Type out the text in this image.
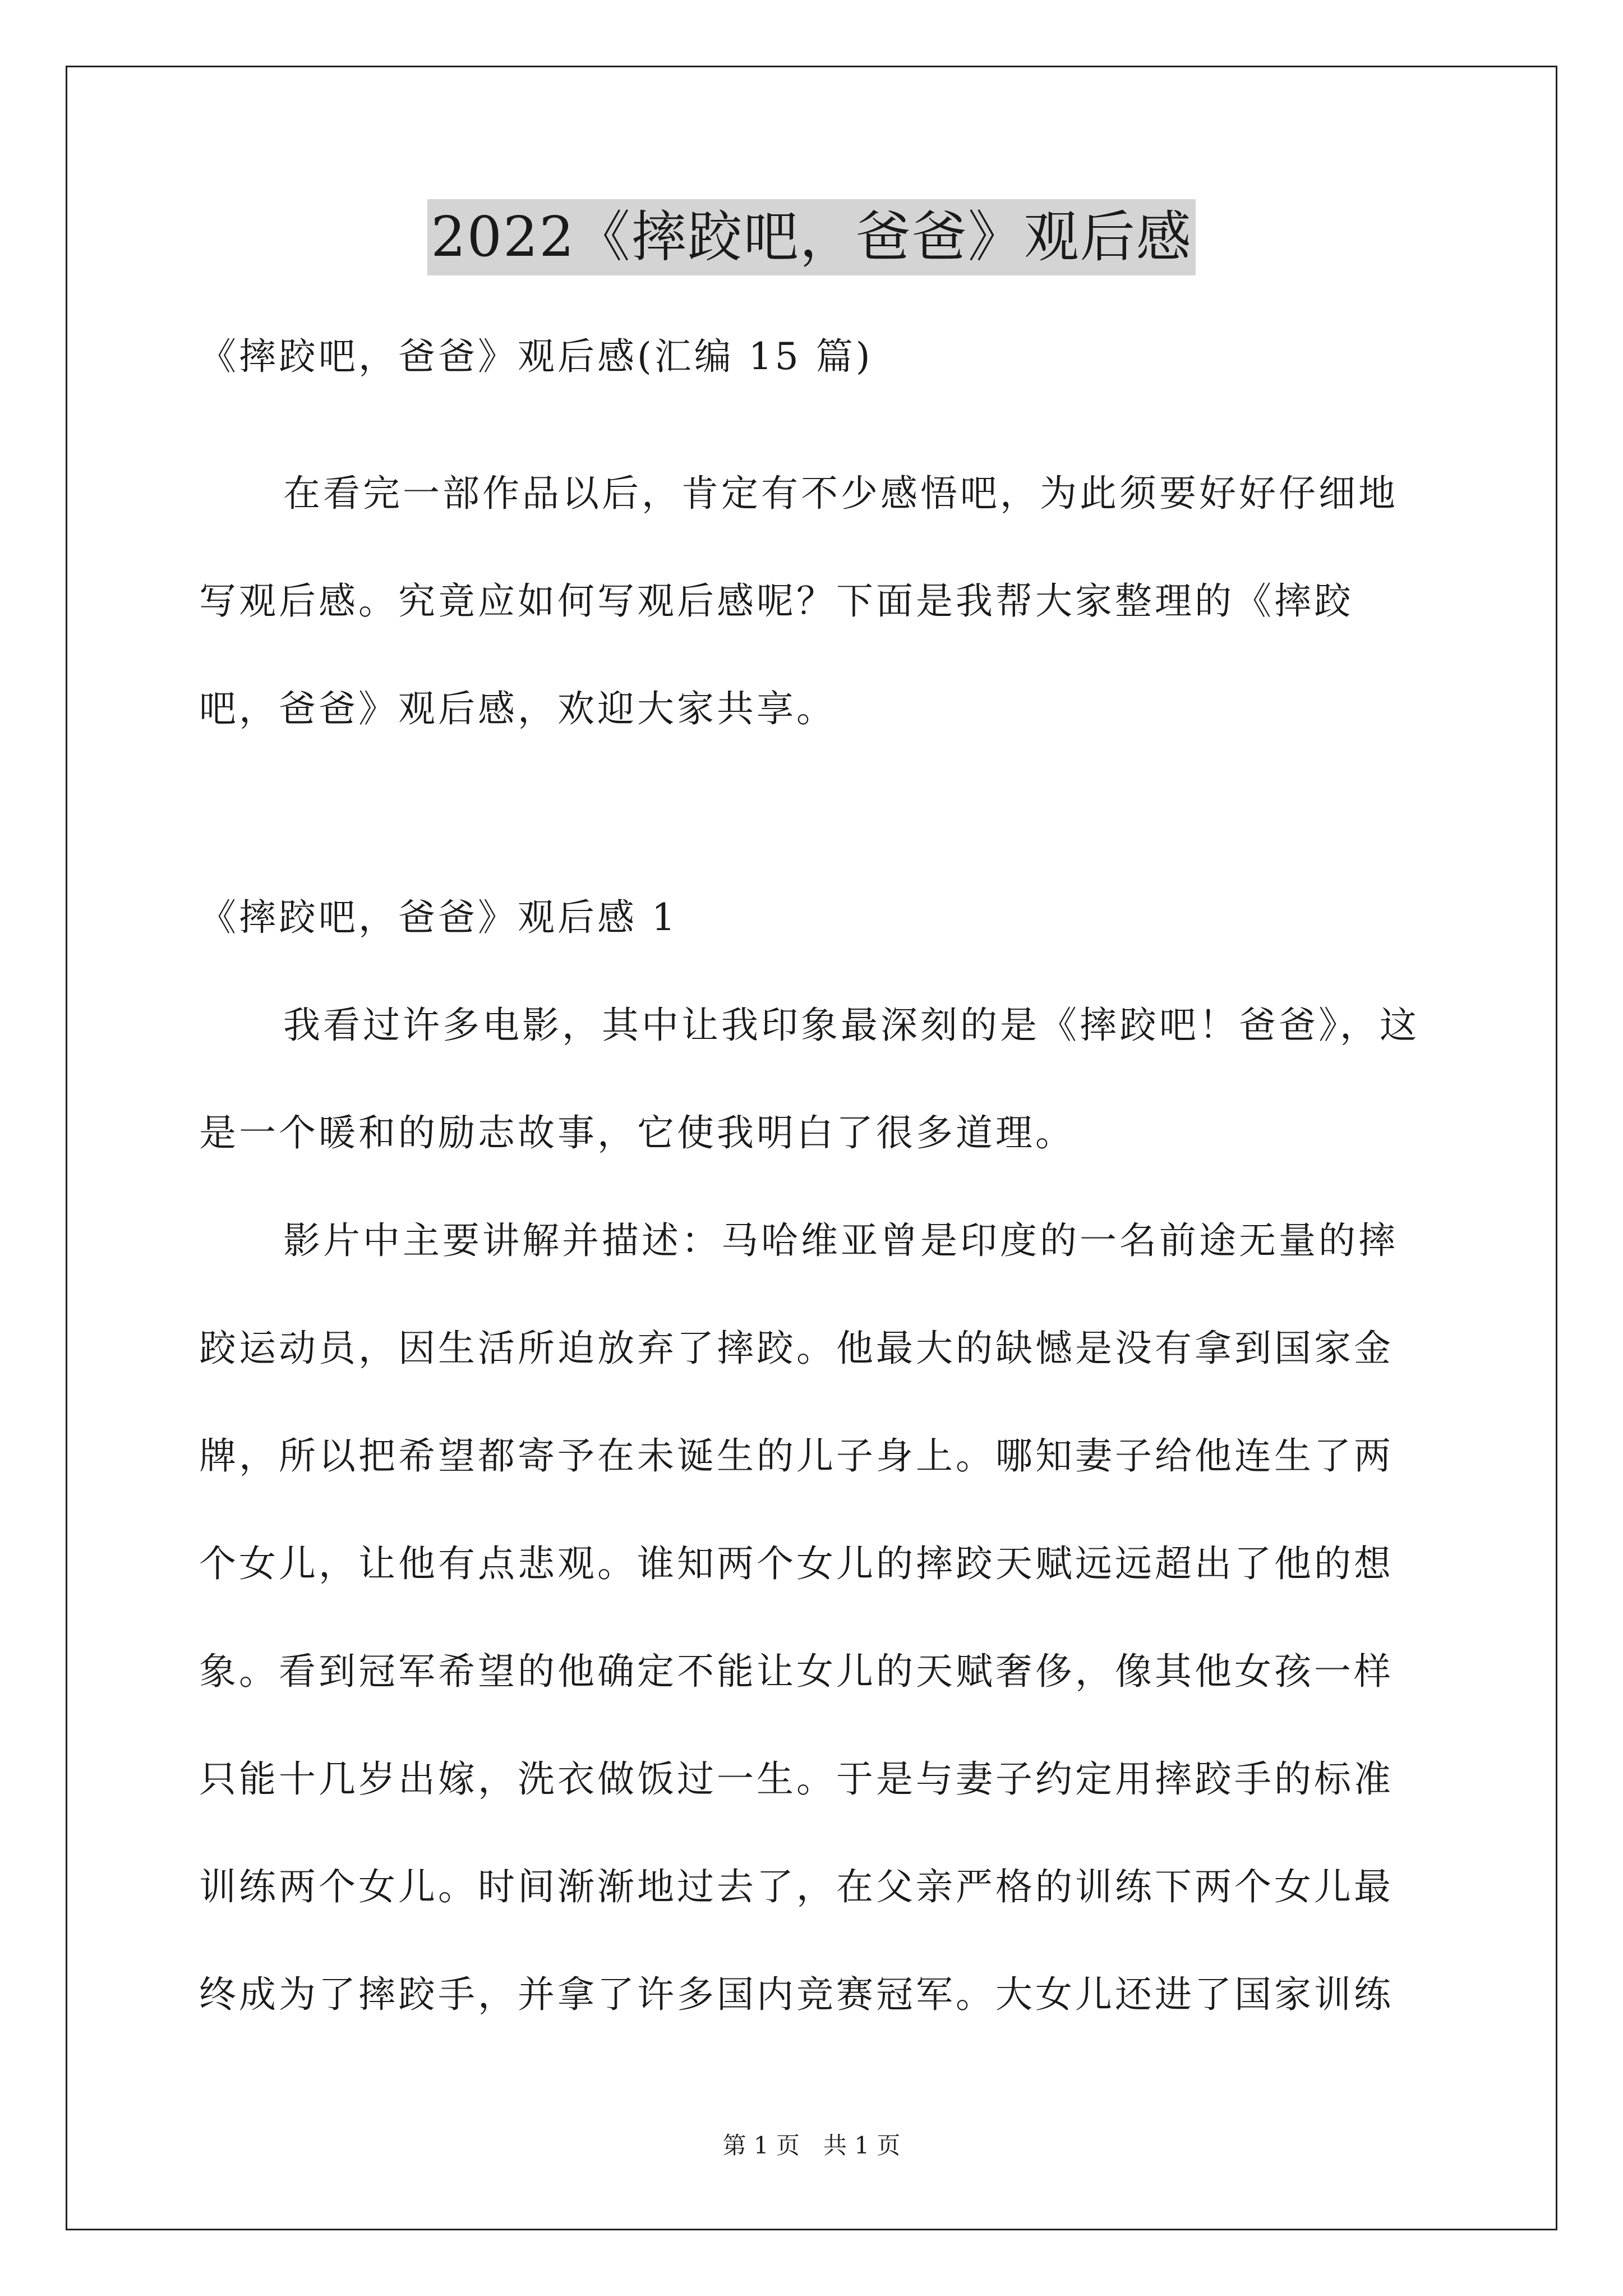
2022《摔跤吧，爸爸》观后感

《摔跤吧，爸爸》观后感(汇编 15 篇)

在看完一部作品以后，肯定有不少感悟吧，为此须要好好仔细地写观后感。究竟应如何写观后感呢？下面是我帮大家整理的《摔跤吧，爸爸》观后感，欢迎大家共享。

《摔跤吧，爸爸》观后感 1

我看过许多电影，其中让我印象最深刻的是《摔跤吧！爸爸》，这是一个暖和的励志故事，它使我明白了很多道理。

影片中主要讲解并描述：马哈维亚曾是印度的一名前途无量的摔跤运动员，因生活所迫放弃了摔跤。他最大的缺憾是没有拿到国家金牌，所以把希望都寄予在未诞生的儿子身上。哪知妻子给他连生了两个女儿，让他有点悲观。谁知两个女儿的摔跤天赋远远超出了他的想象。看到冠军希望的他确定不能让女儿的天赋奢侈，像其他女孩一样只能十几岁出嫁，洗衣做饭过一生。于是与妻子约定用摔跤手的标准训练两个女儿。时间渐渐地过去了，在父亲严格的训练下两个女儿最终成为了摔跤手，并拿了许多国内竞赛冠军。大女儿还进了国家训练

第 1 页　共 1 页
